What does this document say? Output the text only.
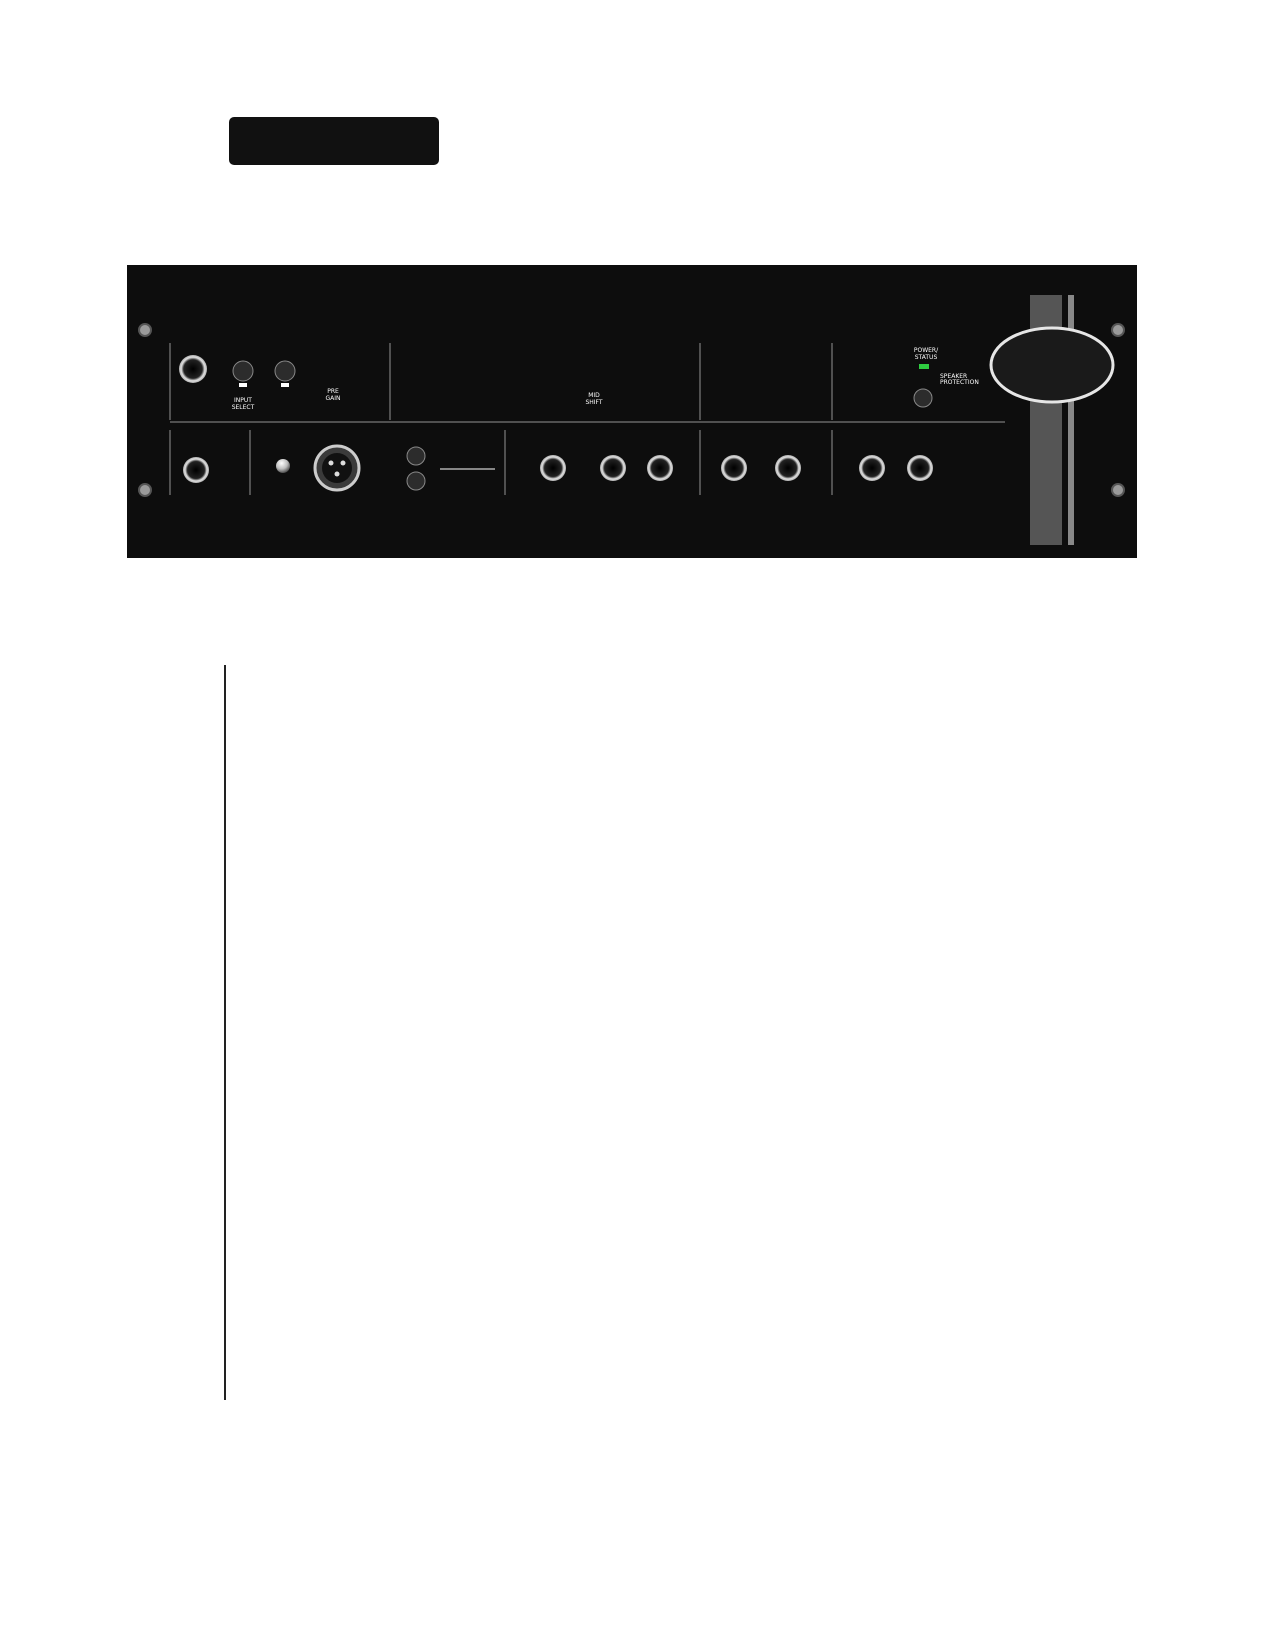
INPUT
SELECT
PRE
GAIN	MID
SHIFT
POWER/
STATUS
SPEAKER
PROTECTION
